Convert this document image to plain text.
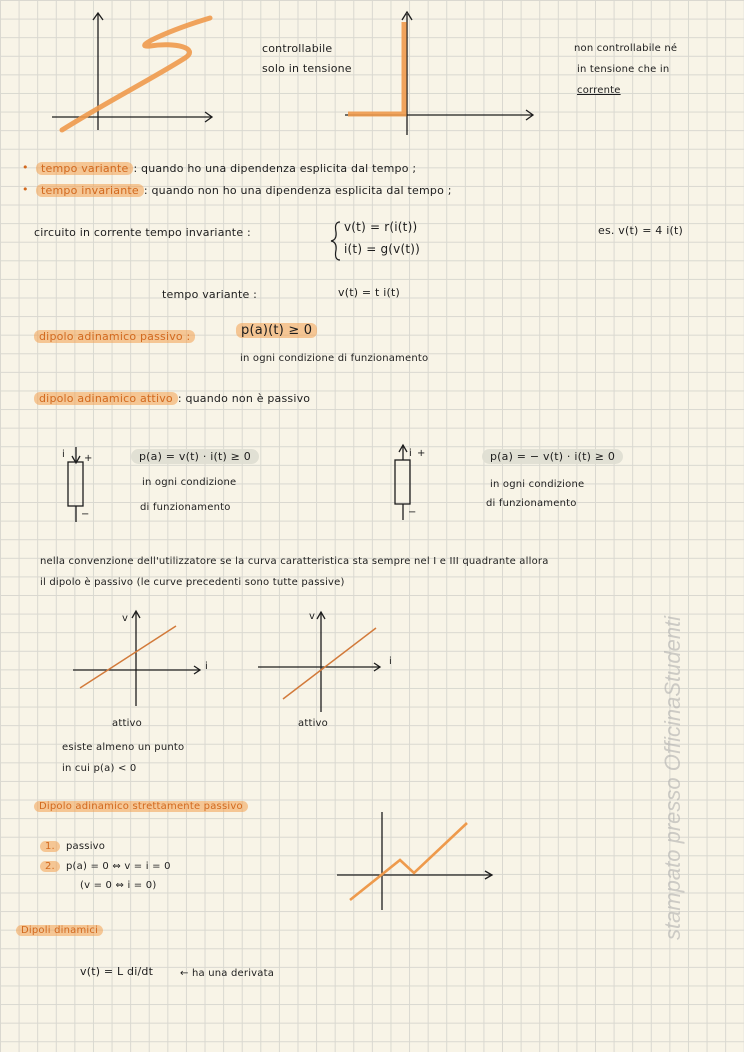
controllabile
solo in tensione
non controllabile né
in tensione che in
corrente
•	tempo variante : quando ho una dipendenza esplicita dal tempo ;
•	tempo invariante : quando non ho una dipendenza esplicita dal tempo ;
circuito in corrente tempo invariante :	v(t) = r(i(t))
i(t) = g(v(t))
es. v(t) = 4 i(t)
tempo variante :	v(t) = t i(t)
dipolo adinamico passivo :	p(a)(t) ≥ 0
in ogni condizione di funzionamento
dipolo adinamico attivo : quando non è passivo
i +
−
p(a) = v(t) · i(t) ≥ 0
in ogni condizione
di funzionamento
i +
−
p(a) = − v(t) · i(t) ≥ 0
in ogni condizione
di funzionamento
nella convenzione dell'utilizzatore se la curva caratteristica sta sempre nel I e III quadrante allora
il dipolo è passivo (le curve precedenti sono tutte passive)
v
i
v
i
attivo	attivo
esiste almeno un punto
in cui p(a) < 0
Dipolo adinamico strettamente passivo
1.	passivo
2.	p(a) = 0 ⇔ v = i = 0
(v = 0 ⇔ i = 0)
Dipoli dinamici
v(t) = L di/dt	← ha una derivata
stampato presso OfficinaStudenti
